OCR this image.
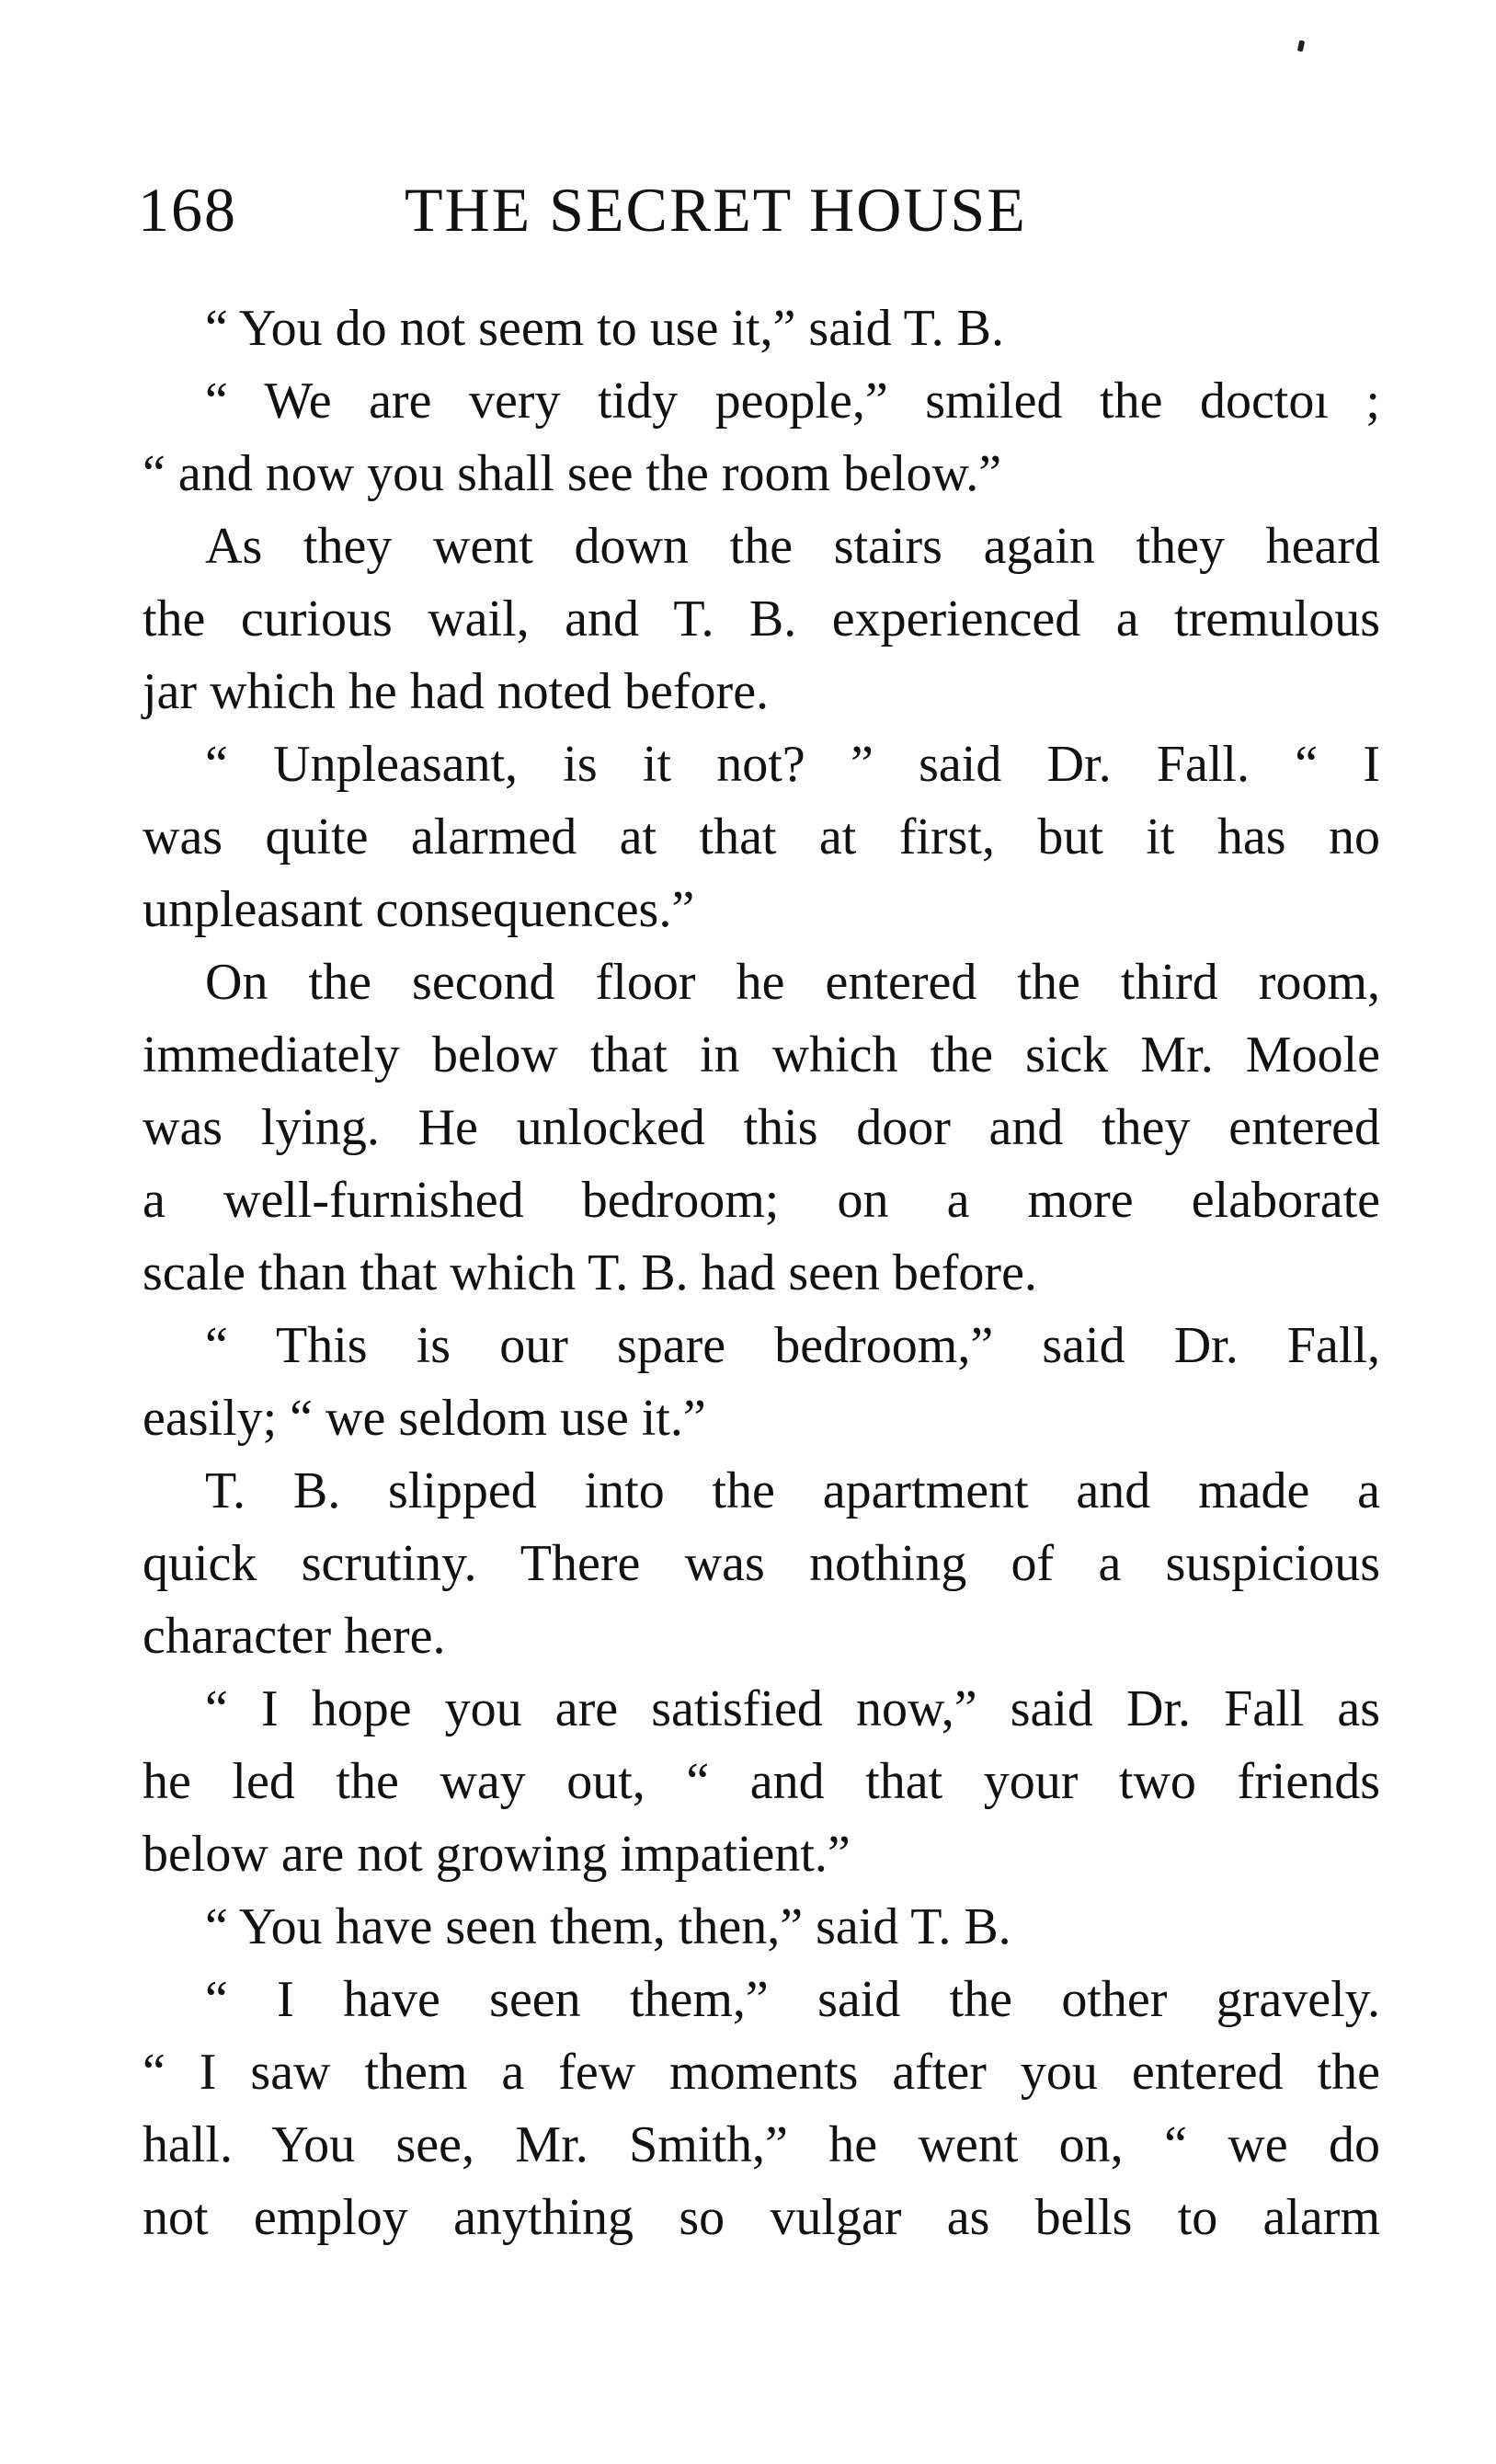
168	THE SECRET HOUSE
“ You do not seem to use it,” said T. B.
“ We are very tidy people,” smiled the doctoı ;
“ and now you shall see the room below.”
As they went down the stairs again they heard
the curious wail, and T. B. experienced a tremulous
jar which he had noted before.
“ Unpleasant, is it not? ” said Dr. Fall. “ I
was quite alarmed at that at first, but it has no
unpleasant consequences.”
On the second floor he entered the third room,
immediately below that in which the sick Mr. Moole
was lying. He unlocked this door and they entered
a well-furnished bedroom; on a more elaborate
scale than that which T. B. had seen before.
“ This is our spare bedroom,” said Dr. Fall,
easily; “ we seldom use it.”
T. B. slipped into the apartment and made a
quick scrutiny. There was nothing of a suspicious
character here.
“ I hope you are satisfied now,” said Dr. Fall as
he led the way out, “ and that your two friends
below are not growing impatient.”
“ You have seen them, then,” said T. B.
“ I have seen them,” said the other gravely.
“ I saw them a few moments after you entered the
hall. You see, Mr. Smith,” he went on, “ we do
not employ anything so vulgar as bells to alarm
